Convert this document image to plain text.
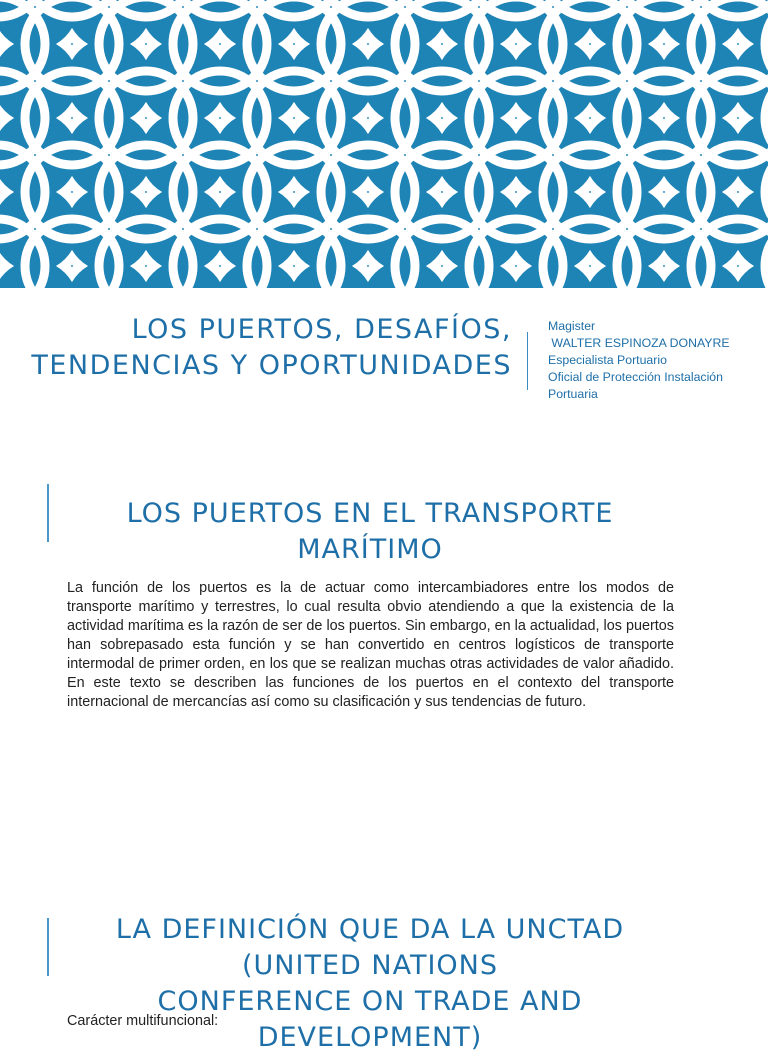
LOS PUERTOS, DESAFÍOS,
TENDENCIAS Y OPORTUNIDADES
Magister
WALTER ESPINOZA DONAYRE
Especialista Portuario
Oficial de Protección Instalación
Portuaria
LOS PUERTOS EN EL TRANSPORTE MARÍTIMO
La función de los puertos es la de actuar como intercambiadores entre los modos de transporte marítimo y terrestres, lo cual resulta obvio atendiendo a que la existencia de la actividad marítima es la razón de ser de los puertos. Sin embargo, en la actualidad, los puertos han sobrepasado esta función y se han convertido en centros logísticos de transporte intermodal de primer orden, en los que se realizan muchas otras actividades de valor añadido. En este texto se describen las funciones de los puertos en el contexto del transporte internacional de mercancías así como su clasificación y sus tendencias de futuro.
LA DEFINICIÓN QUE DA LA UNCTAD (UNITED NATIONS
CONFERENCE ON TRADE AND DEVELOPMENT)
Carácter multifuncional:
